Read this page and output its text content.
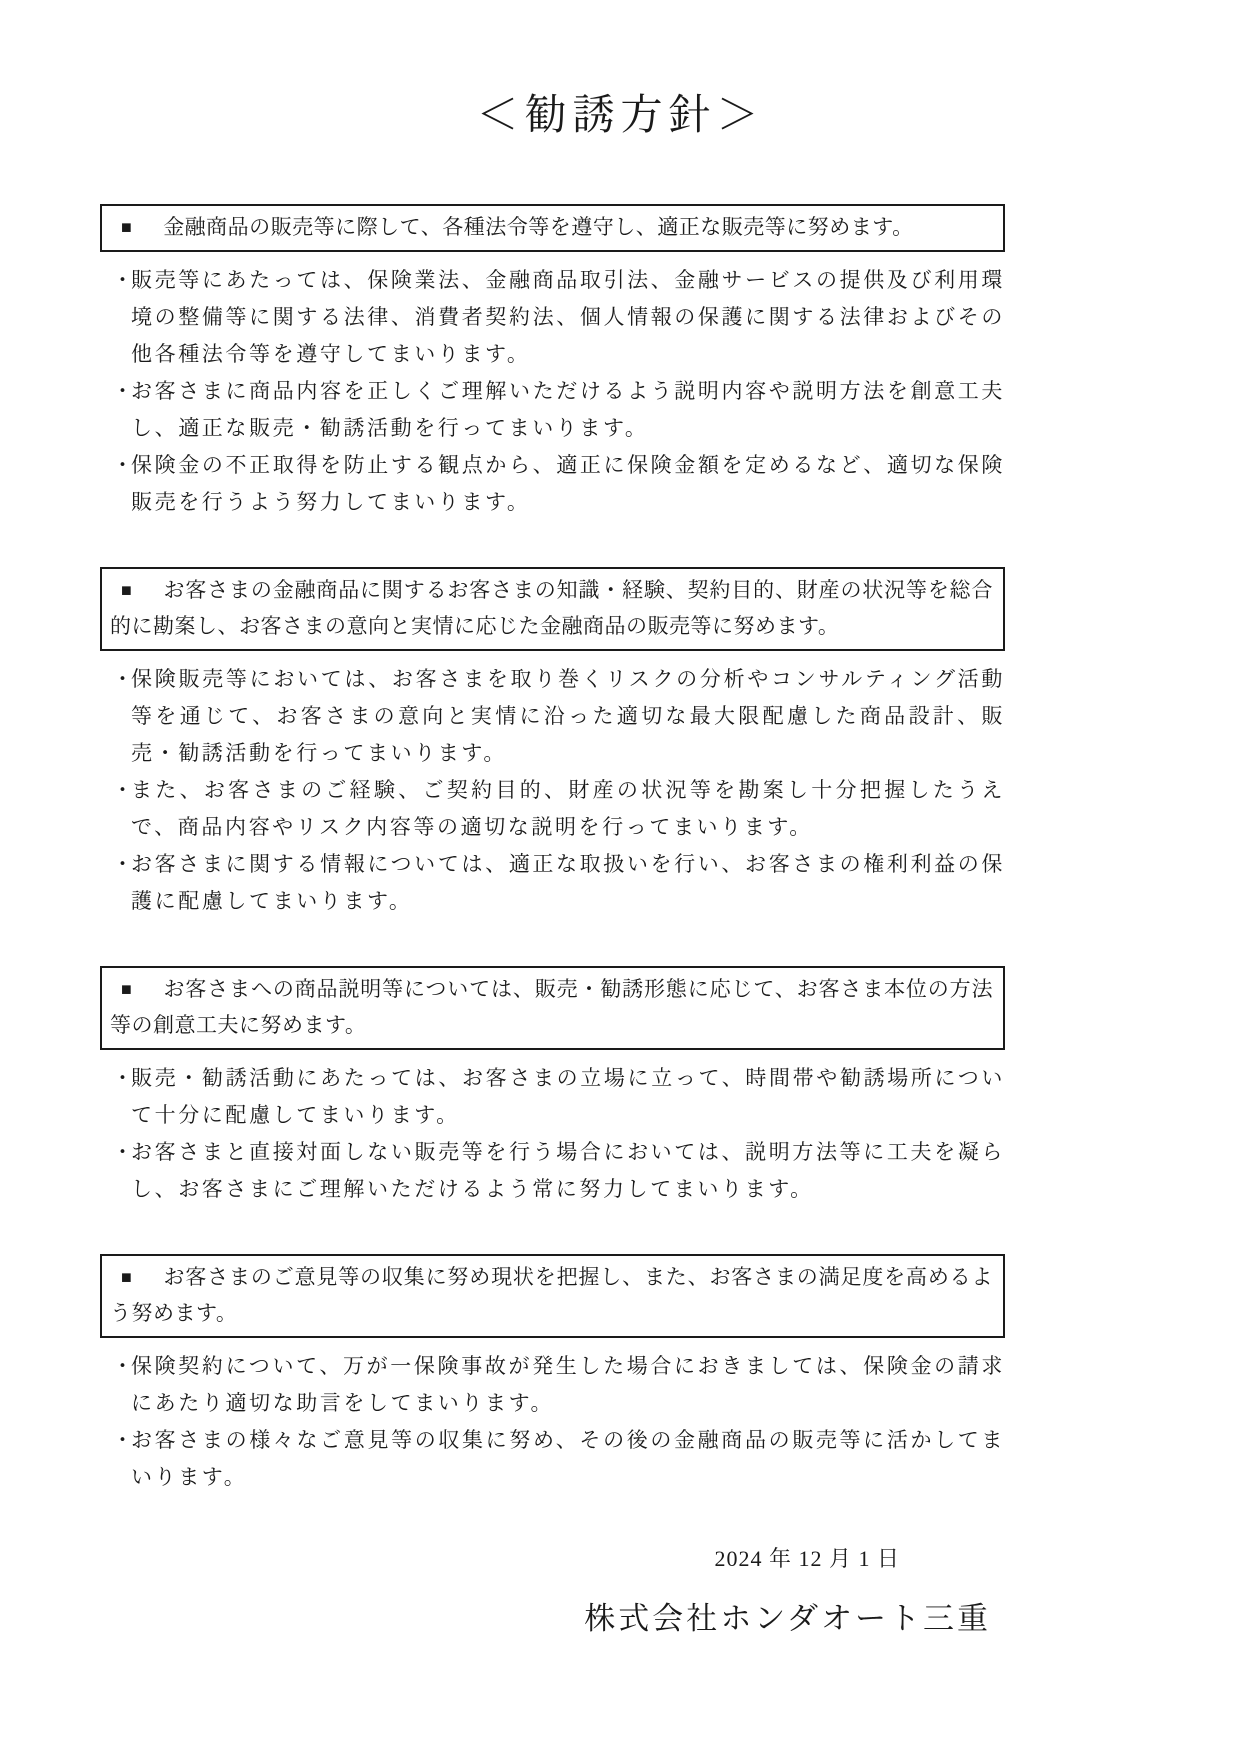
＜勧誘方針＞
■ 金融商品の販売等に際して、各種法令等を遵守し、適正な販売等に努めます。
・
販売等にあたっては、保険業法、金融商品取引法、金融サービスの提供及び利用環境の整備等に関する法律、消費者契約法、個人情報の保護に関する法律およびその他各種法令等を遵守してまいります。
・
お客さまに商品内容を正しくご理解いただけるよう説明内容や説明方法を創意工夫し、適正な販売・勧誘活動を行ってまいります。
・
保険金の不正取得を防止する観点から、適正に保険金額を定めるなど、適切な保険販売を行うよう努力してまいります。
■ お客さまの金融商品に関するお客さまの知識・経験、契約目的、財産の状況等を総合的に勘案し、お客さまの意向と実情に応じた金融商品の販売等に努めます。
・
保険販売等においては、お客さまを取り巻くリスクの分析やコンサルティング活動等を通じて、お客さまの意向と実情に沿った適切な最大限配慮した商品設計、販売・勧誘活動を行ってまいります。
・
また、お客さまのご経験、ご契約目的、財産の状況等を勘案し十分把握したうえで、商品内容やリスク内容等の適切な説明を行ってまいります。
・
お客さまに関する情報については、適正な取扱いを行い、お客さまの権利利益の保護に配慮してまいります。
■ お客さまへの商品説明等については、販売・勧誘形態に応じて、お客さま本位の方法等の創意工夫に努めます。
・
販売・勧誘活動にあたっては、お客さまの立場に立って、時間帯や勧誘場所について十分に配慮してまいります。
・
お客さまと直接対面しない販売等を行う場合においては、説明方法等に工夫を凝らし、お客さまにご理解いただけるよう常に努力してまいります。
■ お客さまのご意見等の収集に努め現状を把握し、また、お客さまの満足度を高めるよう努めます。
・
保険契約について、万が一保険事故が発生した場合におきましては、保険金の請求にあたり適切な助言をしてまいります。
・
お客さまの様々なご意見等の収集に努め、その後の金融商品の販売等に活かしてまいります。
2024 年 12 月 1 日
株式会社ホンダオート三重
